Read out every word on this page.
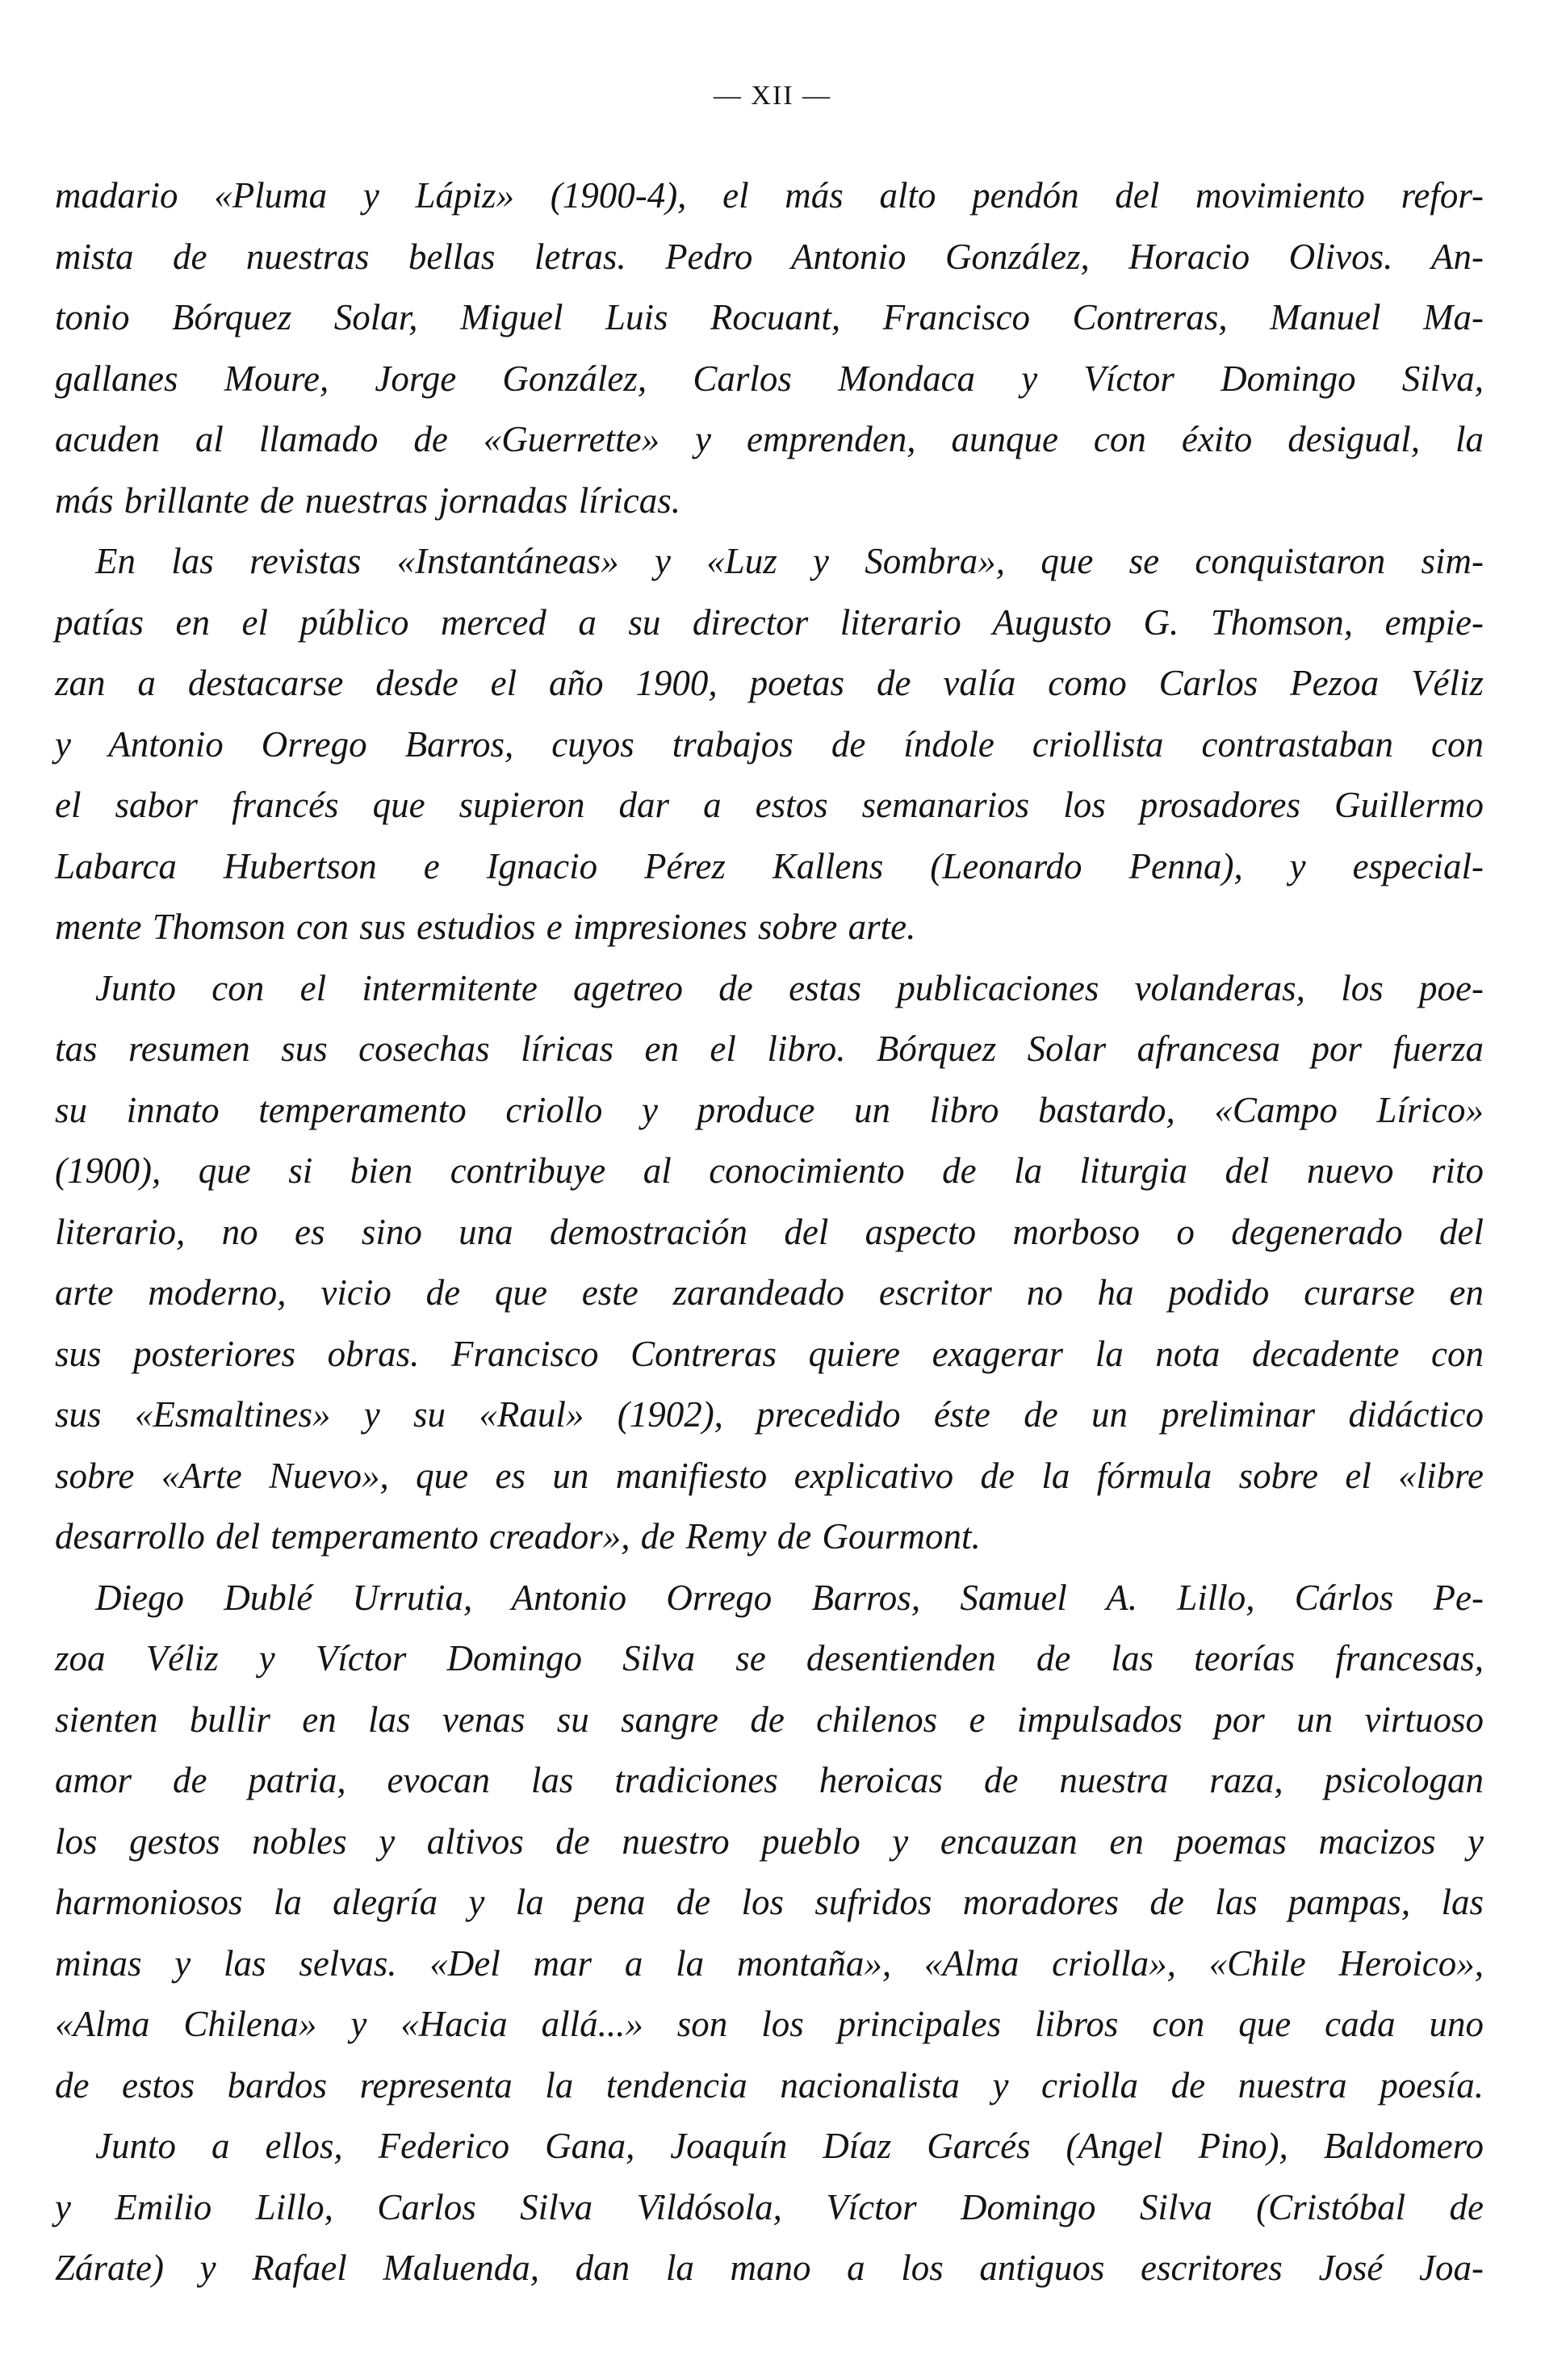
— XII —
madario «Pluma y Lápiz» (1900-4), el más alto pendón del movimiento refor-
mista de nuestras bellas letras. Pedro Antonio González, Horacio Olivos. An-
tonio Bórquez Solar, Miguel Luis Rocuant, Francisco Contreras, Manuel Ma-
gallanes Moure, Jorge González, Carlos Mondaca y Víctor Domingo Silva,
acuden al llamado de «Guerrette» y emprenden, aunque con éxito desigual, la
más brillante de nuestras jornadas líricas.
En las revistas «Instantáneas» y «Luz y Sombra», que se conquistaron sim-
patías en el público merced a su director literario Augusto G. Thomson, empie-
zan a destacarse desde el año 1900, poetas de valía como Carlos Pezoa Véliz
y Antonio Orrego Barros, cuyos trabajos de índole criollista contrastaban con
el sabor francés que supieron dar a estos semanarios los prosadores Guillermo
Labarca Hubertson e Ignacio Pérez Kallens (Leonardo Penna), y especial-
mente Thomson con sus estudios e impresiones sobre arte.
Junto con el intermitente agetreo de estas publicaciones volanderas, los poe-
tas resumen sus cosechas líricas en el libro. Bórquez Solar afrancesa por fuerza
su innato temperamento criollo y produce un libro bastardo, «Campo Lírico»
(1900), que si bien contribuye al conocimiento de la liturgia del nuevo rito
literario, no es sino una demostración del aspecto morboso o degenerado del
arte moderno, vicio de que este zarandeado escritor no ha podido curarse en
sus posteriores obras. Francisco Contreras quiere exagerar la nota decadente con
sus «Esmaltines» y su «Raul» (1902), precedido éste de un preliminar didáctico
sobre «Arte Nuevo», que es un manifiesto explicativo de la fórmula sobre el «libre
desarrollo del temperamento creador», de Remy de Gourmont.
Diego Dublé Urrutia, Antonio Orrego Barros, Samuel A. Lillo, Cárlos Pe-
zoa Véliz y Víctor Domingo Silva se desentienden de las teorías francesas,
sienten bullir en las venas su sangre de chilenos e impulsados por un virtuoso
amor de patria, evocan las tradiciones heroicas de nuestra raza, psicologan
los gestos nobles y altivos de nuestro pueblo y encauzan en poemas macizos y
harmoniosos la alegría y la pena de los sufridos moradores de las pampas, las
minas y las selvas. «Del mar a la montaña», «Alma criolla», «Chile Heroico»,
«Alma Chilena» y «Hacia allá...» son los principales libros con que cada uno
de estos bardos representa la tendencia nacionalista y criolla de nuestra poesía.
Junto a ellos, Federico Gana, Joaquín Díaz Garcés (Angel Pino), Baldomero
y Emilio Lillo, Carlos Silva Vildósola, Víctor Domingo Silva (Cristóbal de
Zárate) y Rafael Maluenda, dan la mano a los antiguos escritores José Joa-
